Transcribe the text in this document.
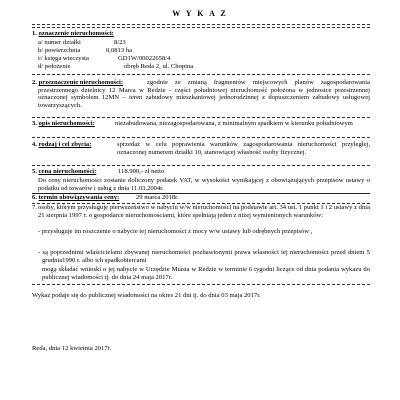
W Y K A Z
1. oznaczenie nieruchomości:
a/ numer działki	8/23
b/ powierzchnia	0,0813 ha
c/ księga wieczysta	GD1W/00022658/4
d/ położenie	obręb Reda 2, ul. Chopina
2. przeznaczenie nieruchomości:	zgodnie ze zmianą fragmentów miejscowych planów zagospodarowania przestrzennego dzielnicy 12 Marca w Redzie - części południowej nieruchomość położona w jednostce przestrzennej oznaczonej symbolem 12MN – teren zabudowy mieszkaniowej jednorodzinnej z dopuszczeniem zabudowy usługowej towarzyszących.
3. opis nieruchomości:	niezabudowana, niezagospodarowana, z minimalnym spadkiem w kierunku południowym
4. rodzaj i cel zbycia:	sprzedaż w celu poprawienia warunków zagospodarowania nieruchomości przyległej, oznaczonej numerem działki 10, stanowiącej własność osoby fizycznej.
5. cena nieruchomości:	118.900,- zł netto
Do ceny nieruchomości zostanie doliczony podatek VAT, w wysokości wynikającej z obowiązujących przepisów ustawy o podatku od towarów i usług z dnia 11.03.2004r.
6. termin obowiązywania ceny:	29 marca 2018r.
7. osoby, którym przysługuje pierwszeństwo w nabyciu w/w nieruchomości na podstawie art. 34 ust. 1 punkt 1 i 2 ustawy z dnia 21 sierpnia 1997 r. o gospodarce nieruchomościami, które spełniają jeden z niżej wymienionych warunków:
- przysługuje im roszczenie o nabycie tej nieruchomości z mocy w/w ustawy lub odrębnych przepisów ,
- są poprzednimi właścicielami zbywanej nieruchomości pozbawionymi prawa własności tej nieruchomości przed dniem 5 grudnia1990 r. albo ich spadkobiercami
mogą składać wnioski o jej nabycie w Urzędzie Miasta w Redzie w terminie 6 tygodni liczące od dnia podania wykazu do publicznej wiadomości tj. do dnia 24 maja 2017r.
Wykaz podaje się do publicznej wiadomości na okres 21 dni tj. do dnia 03 maja 2017r.
Reda, dnia 12 kwietnia 2017r.
